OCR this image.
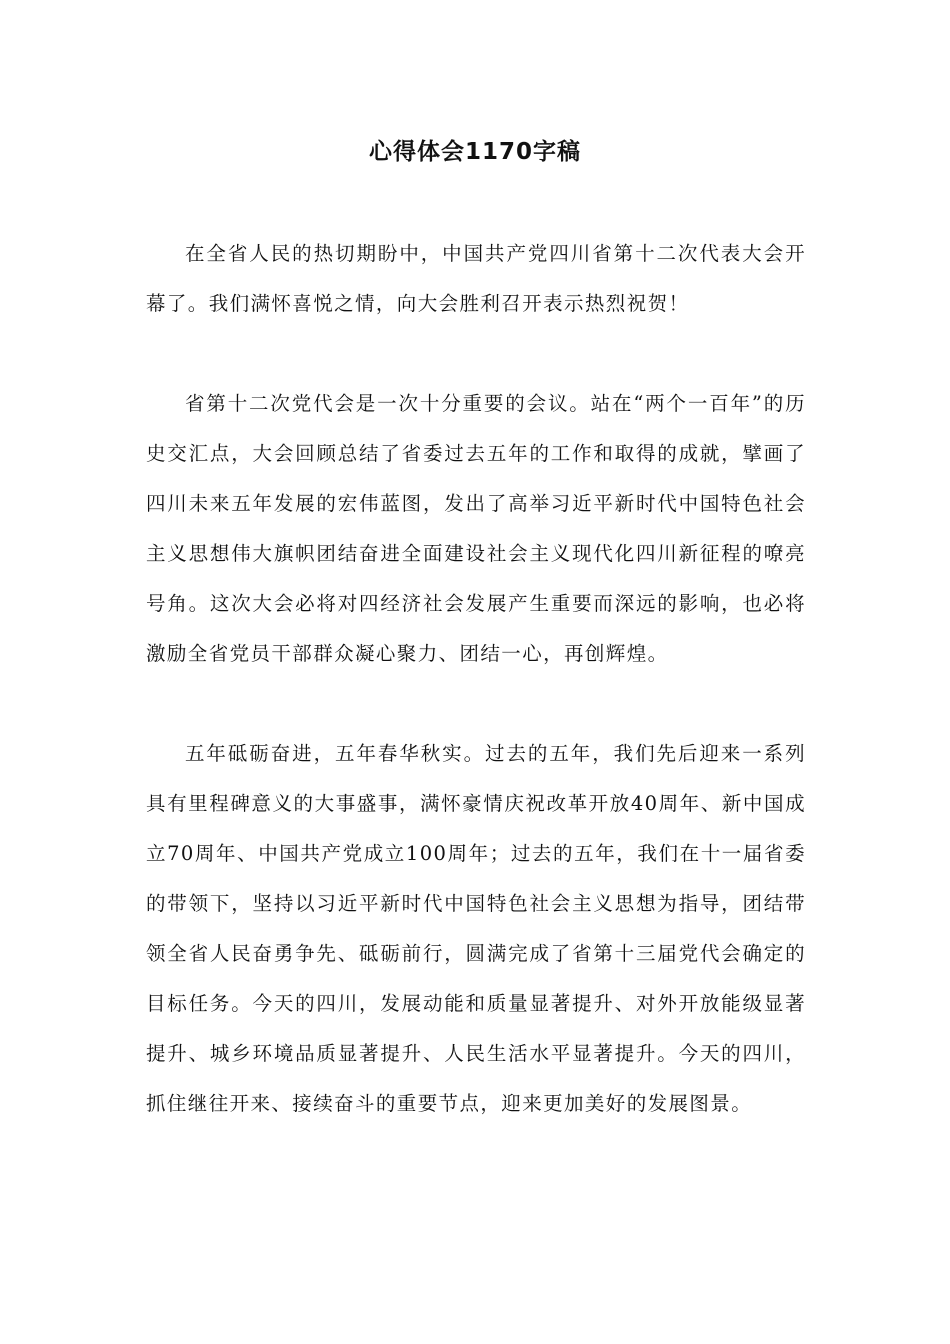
心得体会1170字稿

在全省人民的热切期盼中，中国共产党四川省第十二次代表大会开幕了。我们满怀喜悦之情，向大会胜利召开表示热烈祝贺！

省第十二次党代会是一次十分重要的会议。站在“两个一百年”的历史交汇点，大会回顾总结了省委过去五年的工作和取得的成就，擘画了四川未来五年发展的宏伟蓝图，发出了高举习近平新时代中国特色社会主义思想伟大旗帜团结奋进全面建设社会主义现代化四川新征程的嘹亮号角。这次大会必将对四经济社会发展产生重要而深远的影响，也必将激励全省党员干部群众凝心聚力、团结一心，再创辉煌。

五年砥砺奋进，五年春华秋实。过去的五年，我们先后迎来一系列具有里程碑意义的大事盛事，满怀豪情庆祝改革开放40周年、新中国成立70周年、中国共产党成立100周年；过去的五年，我们在十一届省委的带领下，坚持以习近平新时代中国特色社会主义思想为指导，团结带领全省人民奋勇争先、砥砺前行，圆满完成了省第十三届党代会确定的目标任务。今天的四川，发展动能和质量显著提升、对外开放能级显著提升、城乡环境品质显著提升、人民生活水平显著提升。今天的四川，抓住继往开来、接续奋斗的重要节点，迎来更加美好的发展图景。
